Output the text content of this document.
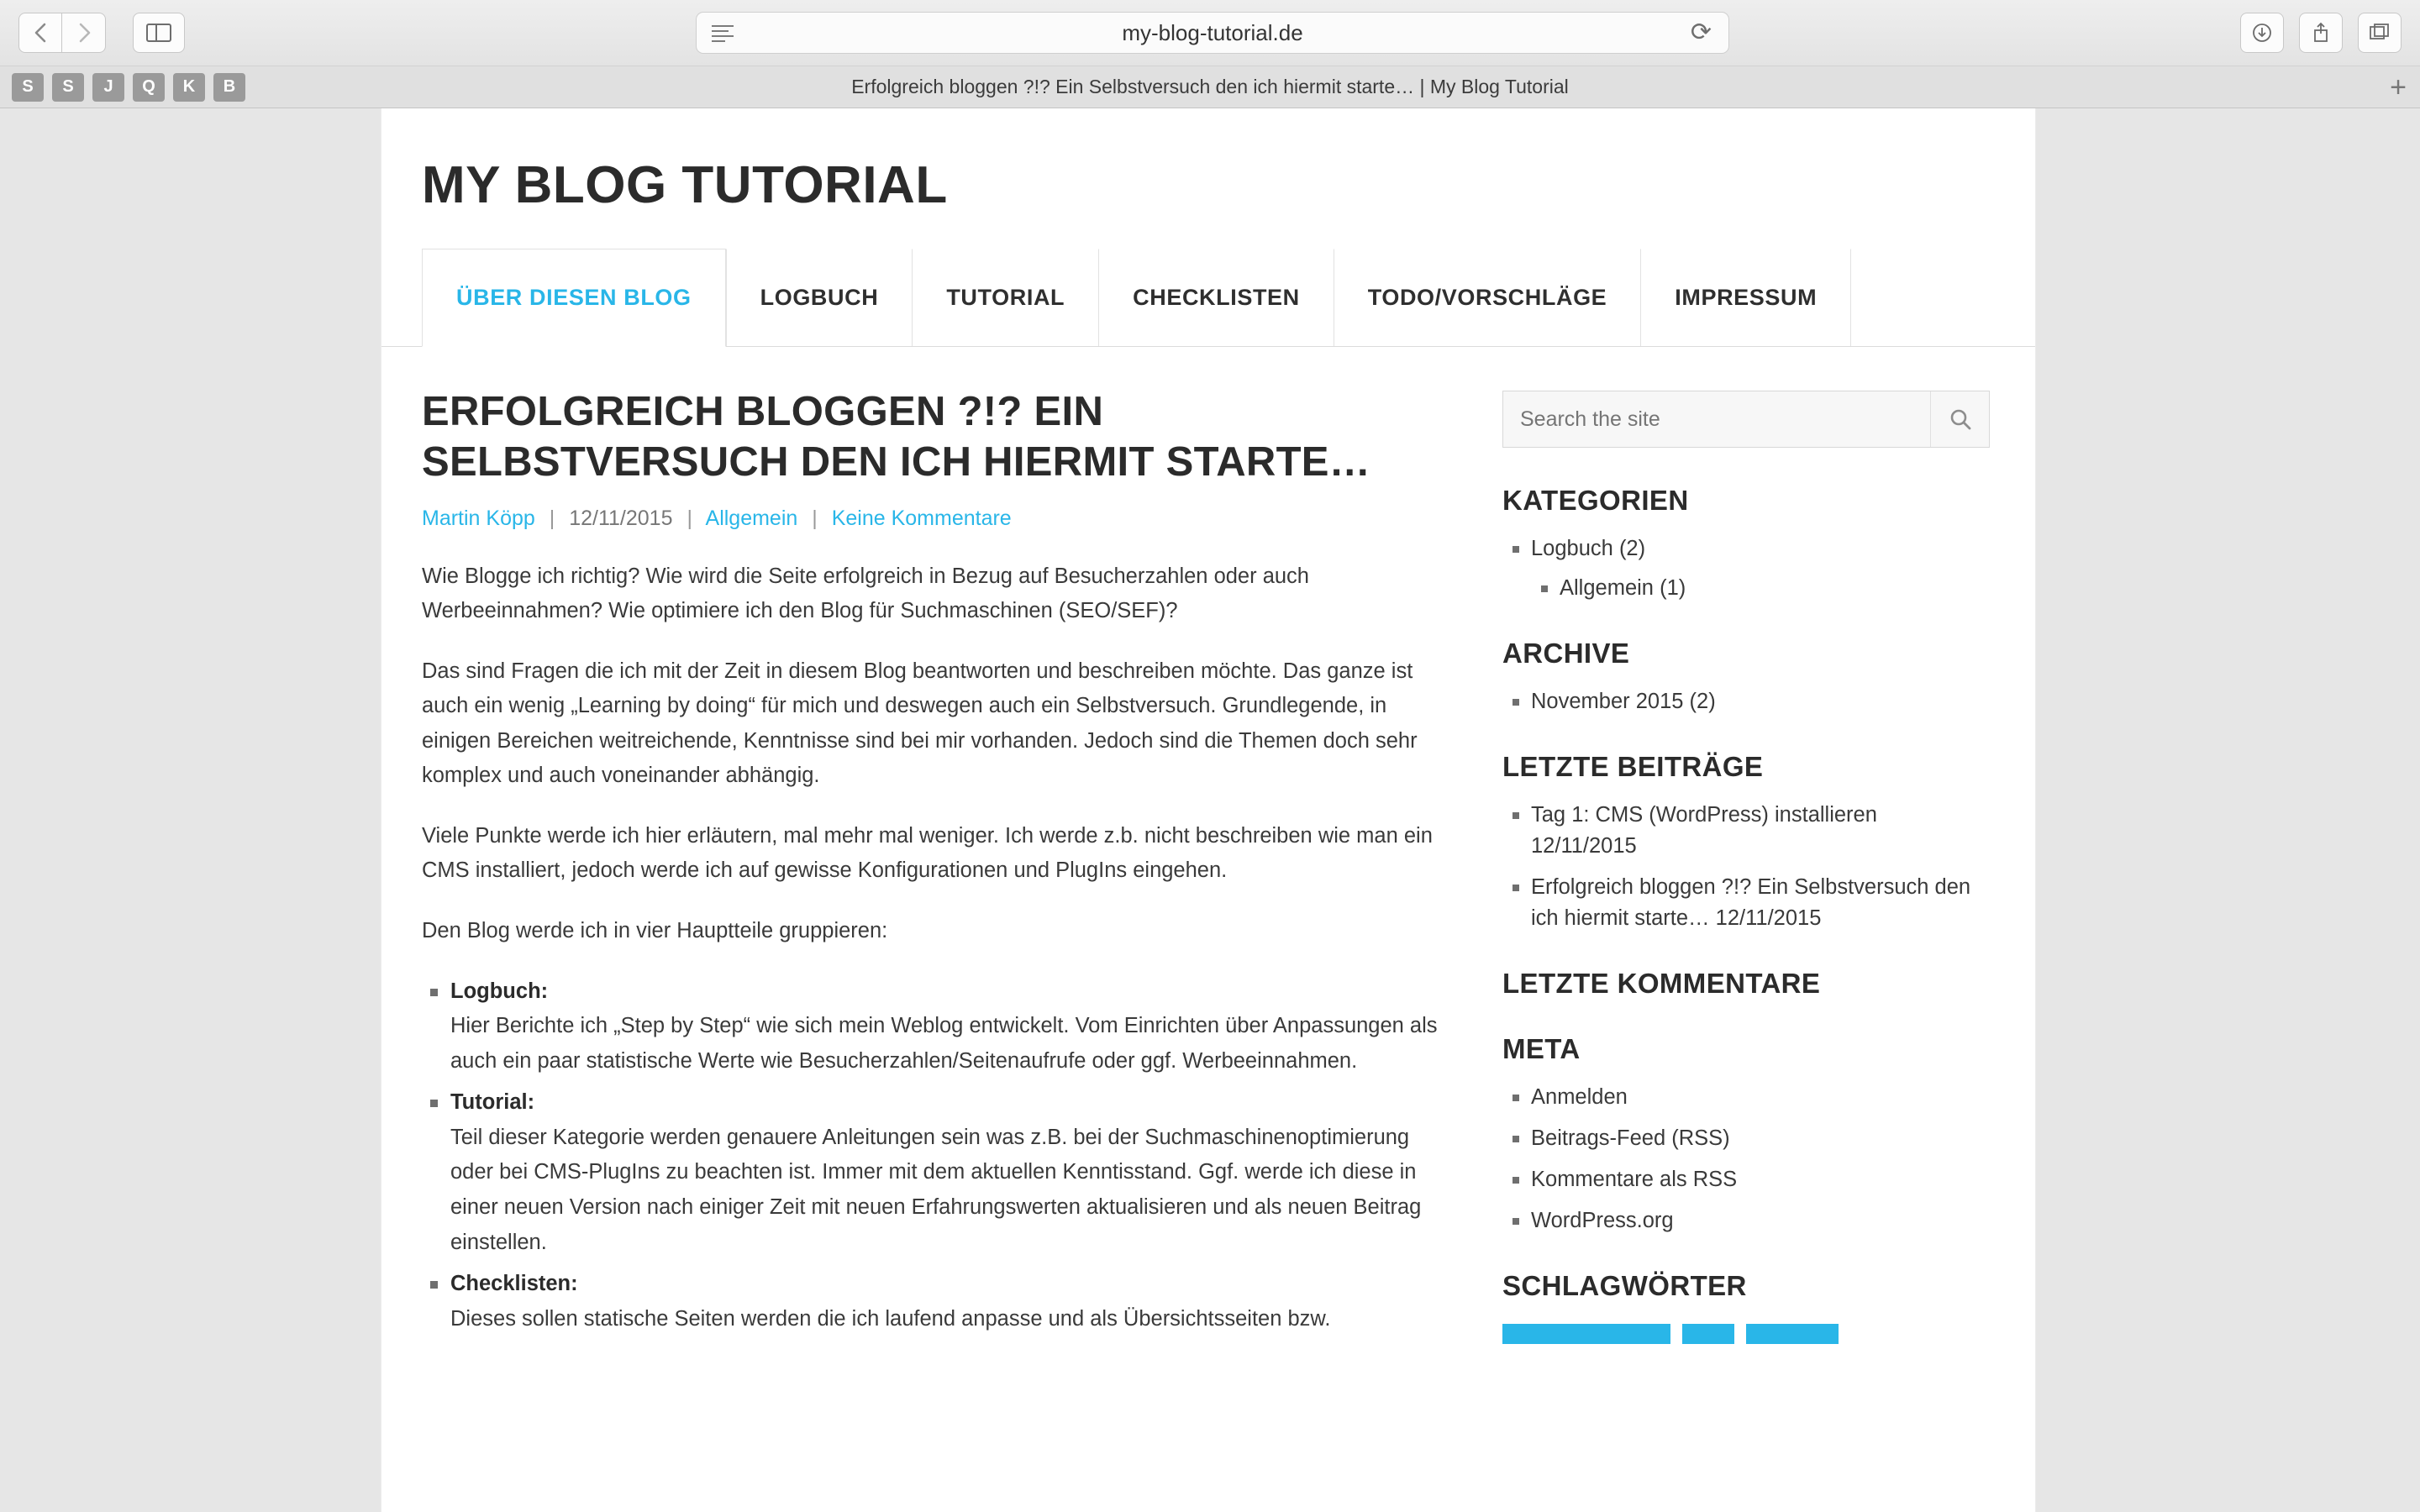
my-blog-tutorial.de	⟳
S	S	J	Q	K	B	Erfolgreich bloggen ?!? Ein Selbstversuch den ich hiermit starte… | My Blog Tutorial	+
MY BLOG TUTORIAL
ÜBER DIESEN BLOG	LOGBUCH	TUTORIAL	CHECKLISTEN	TODO/VORSCHLÄGE	IMPRESSUM
ERFOLGREICH BLOGGEN ?!? EIN SELBSTVERSUCH DEN ICH HIERMIT STARTE…
Martin Köpp | 12/11/2015 | Allgemein | Keine Kommentare

Wie Blogge ich richtig? Wie wird die Seite erfolgreich in Bezug auf Besucherzahlen oder auch Werbeeinnahmen? Wie optimiere ich den Blog für Suchmaschinen (SEO/SEF)?

Das sind Fragen die ich mit der Zeit in diesem Blog beantworten und beschreiben möchte. Das ganze ist auch ein wenig „Learning by doing“ für mich und deswegen auch ein Selbstversuch. Grundlegende, in einigen Bereichen weitreichende, Kenntnisse sind bei mir vorhanden. Jedoch sind die Themen doch sehr komplex und auch voneinander abhängig.

Viele Punkte werde ich hier erläutern, mal mehr mal weniger. Ich werde z.b. nicht beschreiben wie man ein CMS installiert, jedoch werde ich auf gewisse Konfigurationen und PlugIns eingehen.

Den Blog werde ich in vier Hauptteile gruppieren:

Logbuch:
Hier Berichte ich „Step by Step“ wie sich mein Weblog entwickelt. Vom Einrichten über Anpassungen als auch ein paar statistische Werte wie Besucherzahlen/Seitenaufrufe oder ggf. Werbeeinnahmen.
Tutorial:
Teil dieser Kategorie werden genauere Anleitungen sein was z.B. bei der Suchmaschinenoptimierung oder bei CMS-PlugIns zu beachten ist. Immer mit dem aktuellen Kenntisstand. Ggf. werde ich diese in einer neuen Version nach einiger Zeit mit neuen Erfahrungswerten aktualisieren und als neuen Beitrag einstellen.
Checklisten:
Dieses sollen statische Seiten werden die ich laufend anpasse und als Übersichtsseiten bzw.
Search the site
KATEGORIEN
Logbuch (2)
Allgemein (1)
ARCHIVE
November 2015 (2)
LETZTE BEITRÄGE
Tag 1: CMS (WordPress) installieren
12/11/2015
Erfolgreich bloggen ?!? Ein Selbstversuch den ich hiermit starte… 12/11/2015
LETZTE KOMMENTARE
META
Anmelden
Beitrags-Feed (RSS)
Kommentare als RSS
WordPress.org
SCHLAGWÖRTER
